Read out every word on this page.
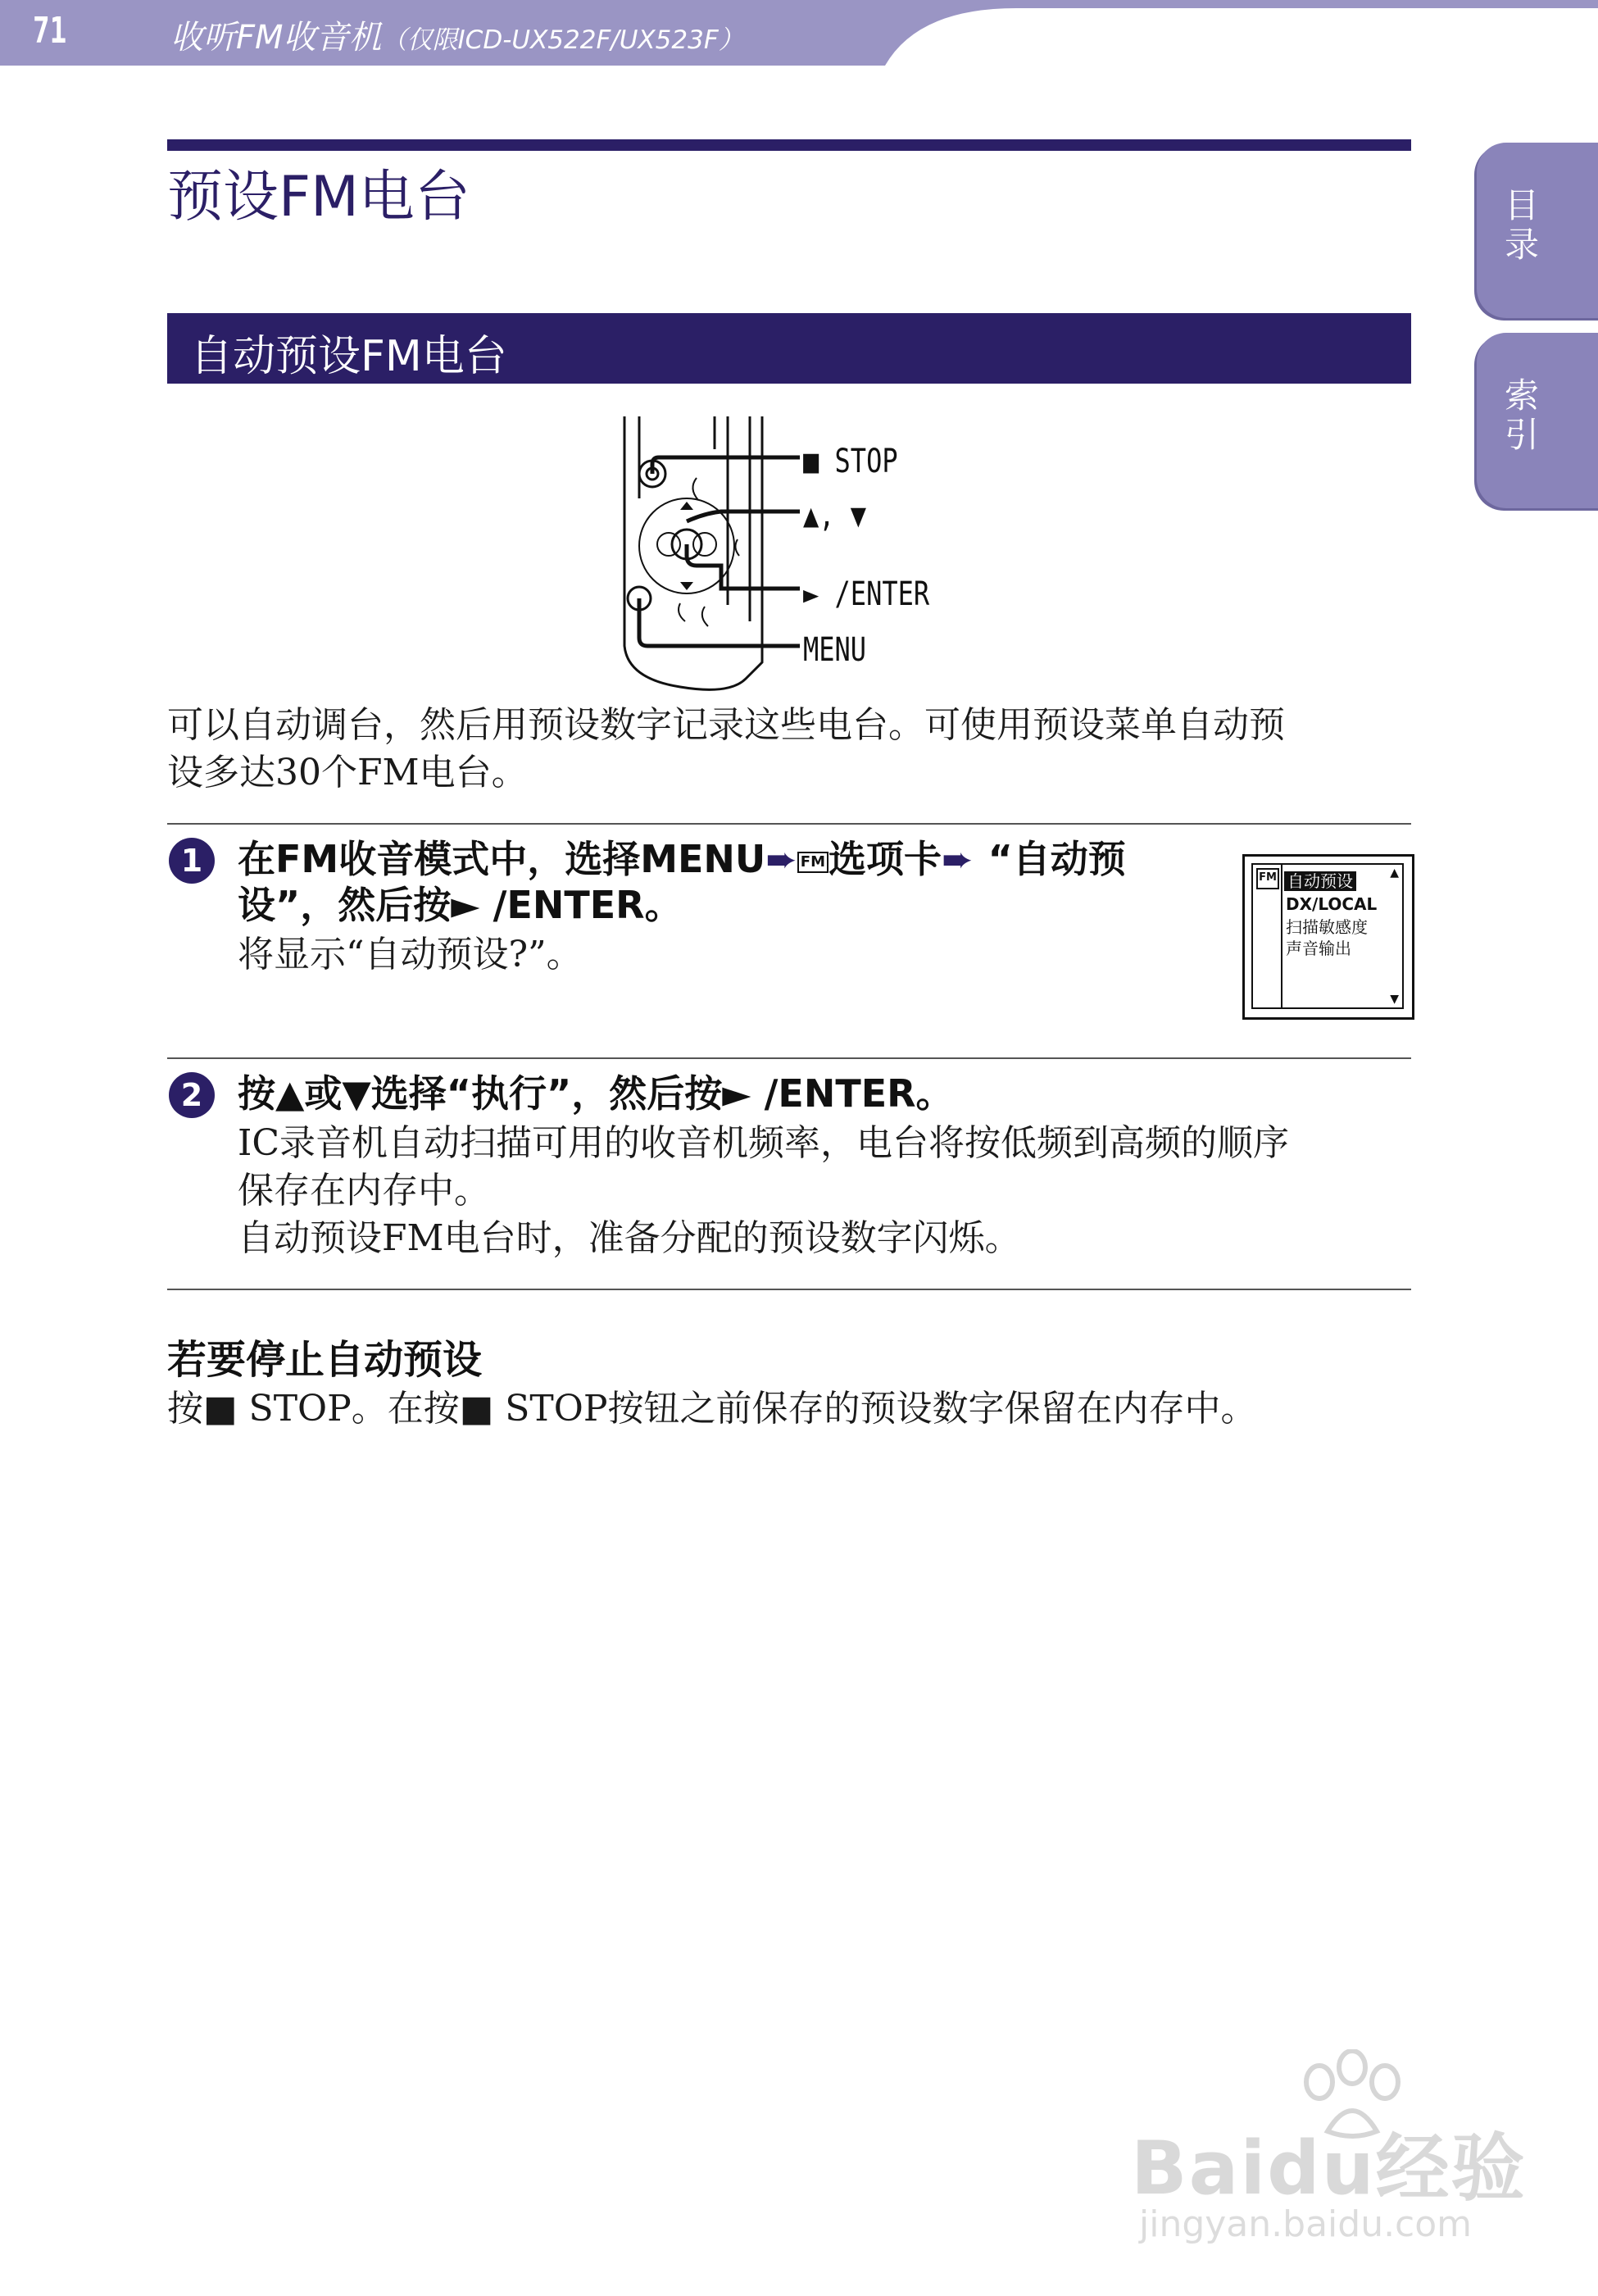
71	收听FM收音机（仅限ICD-UX522F/UX523F）
目录
索引
预设FM电台
自动预设FM电台
■ STOP
▲, ▼
► /ENTER
MENU
可以自动调台，然后用预设数字记录这些电台。可使用预设菜单自动预
设多达30个FM电台。
1 在FM收音模式中，选择MENU➨ FM选项卡➨ “自动预
设”，然后按► /ENTER。
将显示“自动预设?”。
FM 自动预设
DX/LOCAL
扫描敏感度
声音输出
▲
▼
2 按▲或▼选择“执行”，然后按► /ENTER。
IC录音机自动扫描可用的收音机频率，电台将按低频到高频的顺序
保存在内存中。
自动预设FM电台时，准备分配的预设数字闪烁。
若要停止自动预设
按■ STOP。在按■ STOP按钮之前保存的预设数字保留在内存中。
Baidu经验
jingyan.baidu.com
